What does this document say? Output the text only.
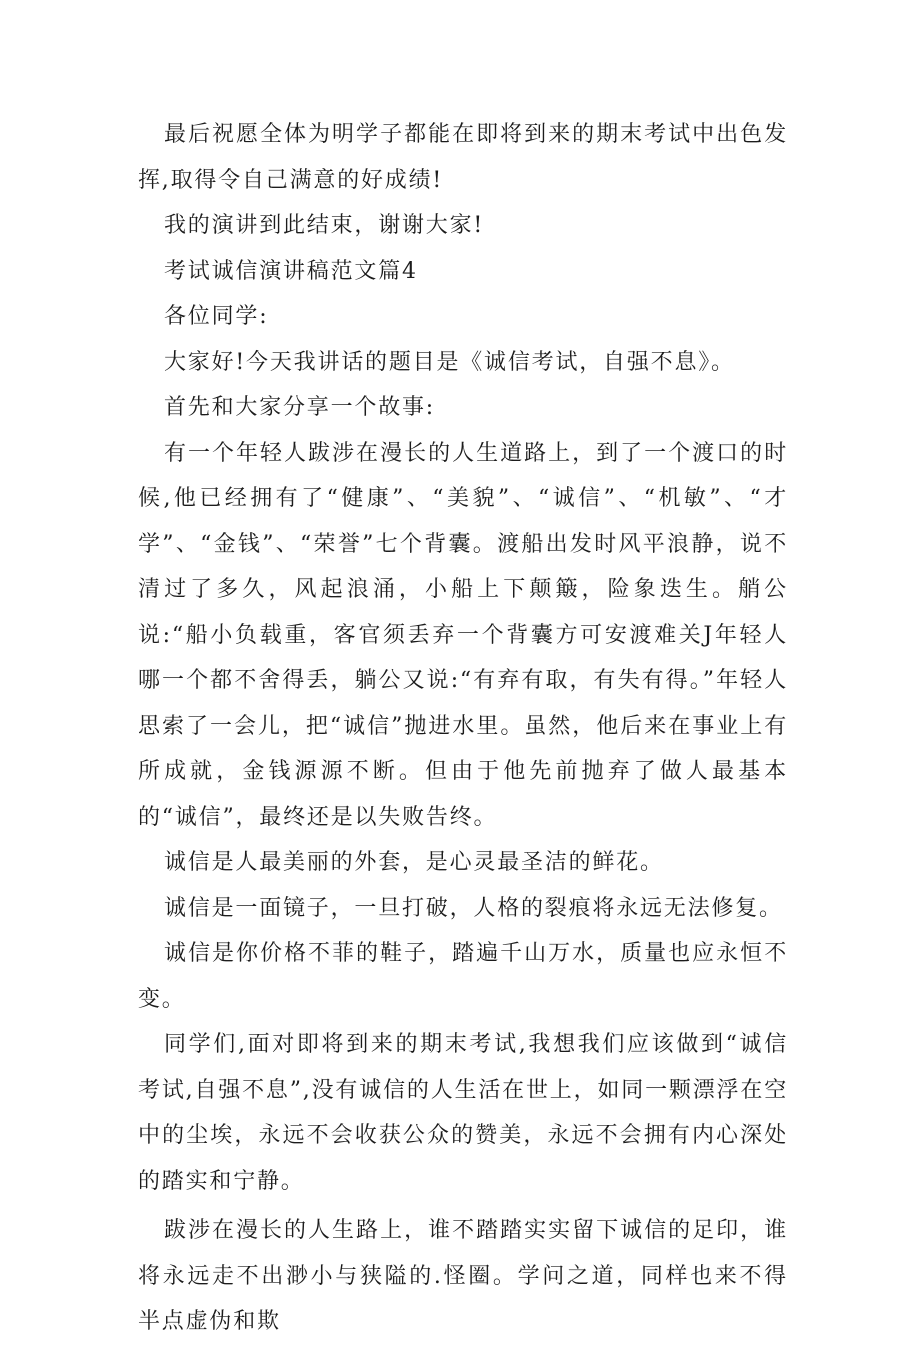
最后祝愿全体为明学子都能在即将到来的期末考试中出色发挥,取得令自己满意的好成绩!

我的演讲到此结束，谢谢大家!

考试诚信演讲稿范文篇4

各位同学:

大家好!今天我讲话的题目是《诚信考试，自强不息》。

首先和大家分享一个故事:

有一个年轻人跋涉在漫长的人生道路上，到了一个渡口的时候,他已经拥有了“健康”、“美貌”、“诚信”、“机敏”、“才学”、“金钱”、“荣誉”七个背囊。渡船出发时风平浪静，说不清过了多久，风起浪涌，小船上下颠簸，险象迭生。艄公说:“船小负载重，客官须丢弃一个背囊方可安渡难关J年轻人哪一个都不舍得丢，躺公又说:“有弃有取，有失有得。”年轻人思索了一会儿，把“诚信”抛进水里。虽然，他后来在事业上有所成就，金钱源源不断。但由于他先前抛弃了做人最基本的“诚信”，最终还是以失败告终。

诚信是人最美丽的外套，是心灵最圣洁的鲜花。

诚信是一面镜子，一旦打破，人格的裂痕将永远无法修复。

诚信是你价格不菲的鞋子，踏遍千山万水，质量也应永恒不变。

同学们,面对即将到来的期末考试,我想我们应该做到“诚信考试,自强不息”,没有诚信的人生活在世上，如同一颗漂浮在空中的尘埃，永远不会收获公众的赞美，永远不会拥有内心深处的踏实和宁静。

跋涉在漫长的人生路上，谁不踏踏实实留下诚信的足印，谁将永远走不出渺小与狭隘的.怪圈。学问之道，同样也来不得半点虚伪和欺
